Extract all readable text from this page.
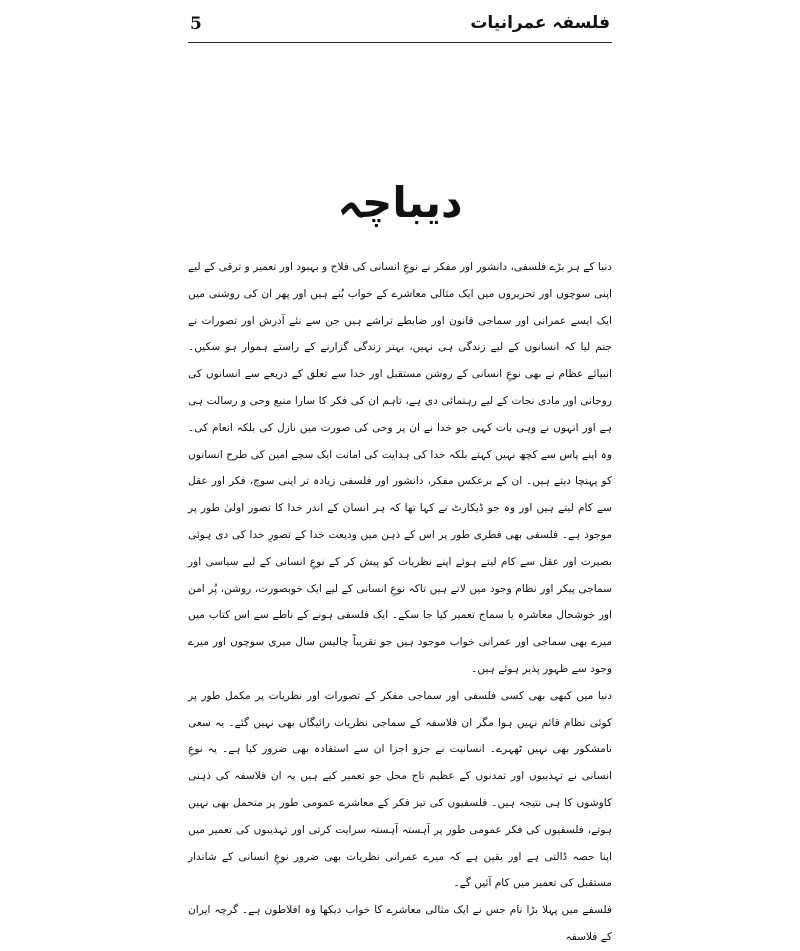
5	فلسفہ عمرانیات
دیباچہ

دنیا کے ہر بڑے فلسفی، دانشور اور مفکر نے نوعِ انسانی کی فلاح و بہبود اور تعمیر و ترقی کے لیے اپنی سوچوں اور تحریروں میں ایک مثالی معاشرے کے خواب بُنے ہیں اور پھر ان کی روشنی میں ایک ایسے عمرانی اور سماجی قانون اور ضابطے تراشے ہیں جن سے نئے آدرش اور تصورات نے جنم لیا کہ انسانوں کے لیے زندگی ہی نہیں، بہتر زندگی گزارنے کے راستے ہموار ہو سکیں۔ انبیائے عظام نے بھی نوعِ انسانی کے روشن مستقبل اور خدا سے تعلق کے ذریعے سے انسانوں کی روحانی اور مادی نجات کے لیے رہنمائی دی ہے، تاہم ان کی فکر کا سارا منبع وحی و رسالت ہی ہے اور انہوں نے وہی بات کہی جو خدا نے ان پر وحی کی صورت میں نازل کی بلکہ انعام کی۔ وہ اپنے پاس سے کچھ نہیں کہتے بلکہ خدا کی ہدایت کی امانت ایک سچے امین کی طرح انسانوں کو پہنچا دیتے ہیں۔ ان کے برعکس مفکر، دانشور اور فلسفی زیادہ تر اپنی سوچ، فکر اور عقل سے کام لیتے ہیں اور وہ جو ڈیکارٹ نے کہا تھا کہ ہر انسان کے اندر خدا کا تصور اولیٰ طور پر موجود ہے۔ فلسفی بھی فطری طور پر اس کے ذہن میں ودیعت خدا کے تصورِ خدا کی دی ہوئی بصیرت اور عقل سے کام لیتے ہوئے اپنے نظریات کو پیش کر کے نوعِ انسانی کے لیے سیاسی اور سماجی پیکر اور نظام وجود میں لاتے ہیں تاکہ نوعِ انسانی کے لیے ایک خوبصورت، روشن، پُر امن اور خوشحال معاشرہ یا سماج تعمیر کیا جا سکے۔ ایک فلسفی ہونے کے ناطے سے اس کتاب میں میرے بھی سماجی اور عمرانی خواب موجود ہیں جو تقریباً چالیس سال میری سوچوں اور میرے وجود سے ظہور پذیر ہوئے ہیں۔

دنیا میں کبھی بھی کسی فلسفی اور سماجی مفکر کے تصورات اور نظریات پر مکمل طور پر کوئی نظام قائم نہیں ہوا مگر ان فلاسفہ کے سماجی نظریات رائیگاں بھی نہیں گئے۔ یہ سعی نامشکور بھی نہیں ٹھہرے۔ انسانیت نے جزو اجزا ان سے استفادہ بھی ضرور کیا ہے۔ یہ نوعِ انسانی نے تہذیبوں اور تمدنوں کے عظیم تاج محل جو تعمیر کیے ہیں یہ ان فلاسفہ کی ذہنی کاوشوں کا ہی نتیجہ ہیں۔ فلسفیوں کی تیز فکر کے معاشرے عمومی طور پر متحمل بھی نہیں ہوتے، فلسفیوں کی فکر عمومی طور پر آہستہ آہستہ سرایت کرتی اور تہذیبوں کی تعمیر میں اپنا حصہ ڈالتی ہے اور یقین ہے کہ میرے عمرانی نظریات بھی ضرور نوعِ انسانی کے شاندار مستقبل کی تعمیر میں کام آئیں گے۔

فلسفے میں پہلا بڑا نام جس نے ایک مثالی معاشرے کا خواب دیکھا وہ افلاطون ہے۔ گرچہ ایران کے فلاسفہ
